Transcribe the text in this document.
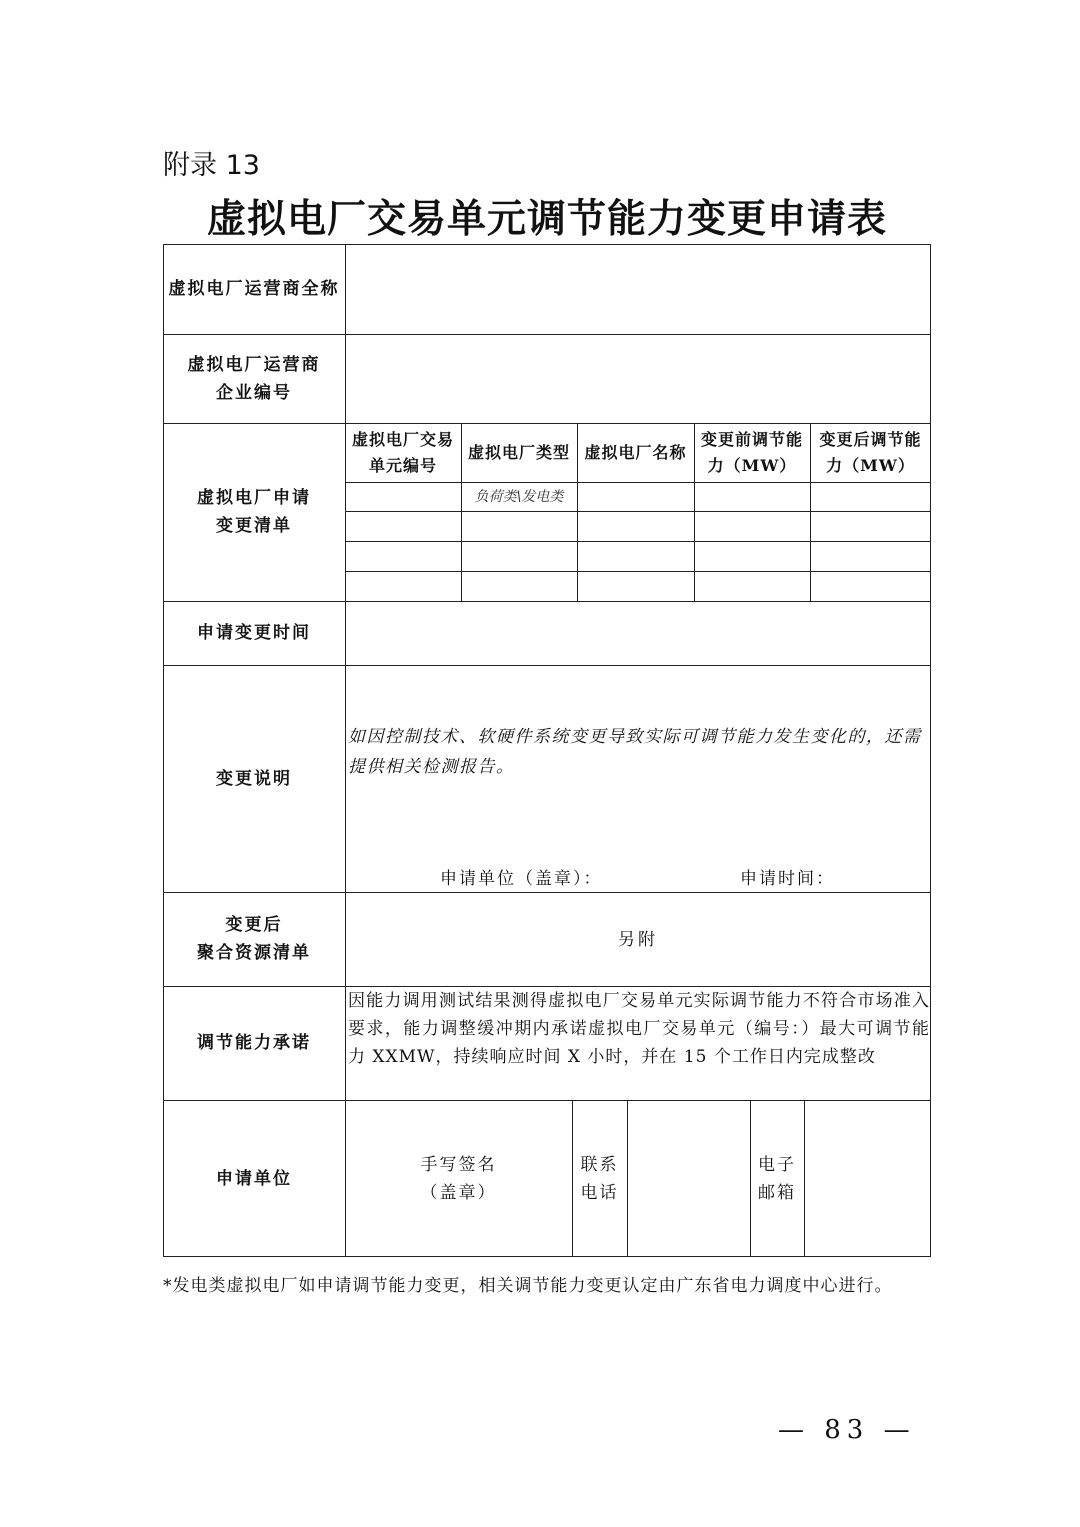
附录 13
虚拟电厂交易单元调节能力变更申请表
虚拟电厂运营商全称
虚拟电厂运营商
企业编号
虚拟电厂申请
变更清单
虚拟电厂交易单元编号
虚拟电厂类型 虚拟电厂名称
变更前调节能力（MW）
变更后调节能力（MW）
负荷类\发电类
申请变更时间
变更说明
如因控制技术、软硬件系统变更导致实际可调节能力发生变化的，还需提供相关检测报告。
申请单位（盖章）：	申请时间：
变更后
聚合资源清单
另附
调节能力承诺
因能力调用测试结果测得虚拟电厂交易单元实际调节能力不符合市场准入要求，能力调整缓冲期内承诺虚拟电厂交易单元（编号：）最大可调节能力 XXMW，持续响应时间 X 小时，并在 15 个工作日内完成整改
申请单位
手写签名
（盖章）
联系
电话
电子
邮箱
*发电类虚拟电厂如申请调节能力变更，相关调节能力变更认定由广东省电力调度中心进行。
— 83 —
